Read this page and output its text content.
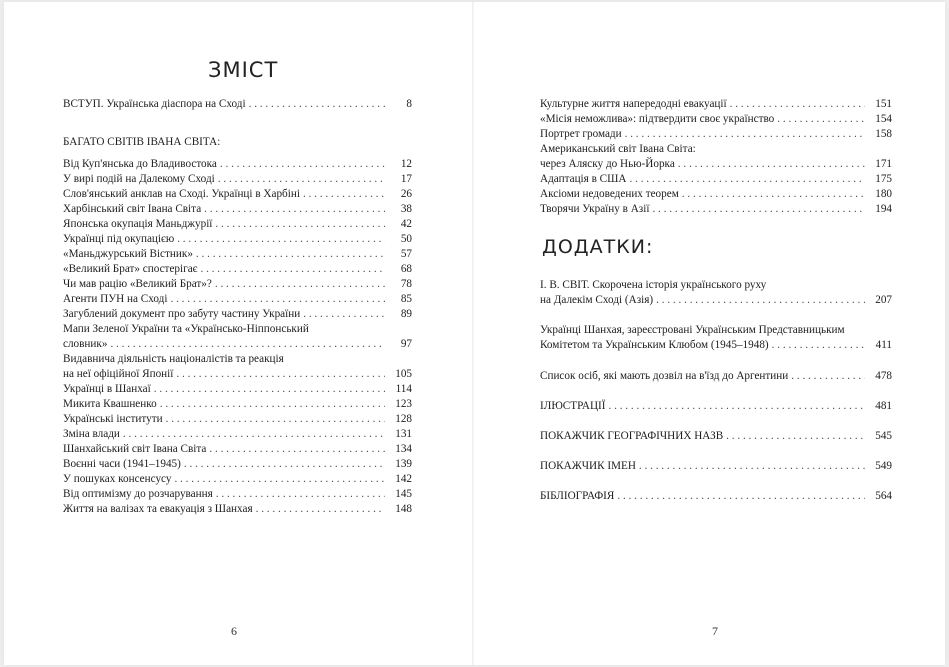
ЗМІСТ
ВСТУП. Українська діаспора на Сході . . .	8
БАГАТО СВІТІВ ІВАНА СВІТА:
Від Куп'янська до Владивостока . . .	12
У вирі подій на Далекому Сході . . .	17
Слов'янський анклав на Сході. Українці в Харбіні . . .	26
Харбінський світ Івана Світа . . .	38
Японська окупація Маньджурії . . .	42
Українці під окупацією . . .	50
«Маньджурський Вістник» . . .	57
«Великий Брат» спостерігає . . .	68
Чи мав рацію «Великий Брат»? . . .	78
Агенти ПУН на Сході . . .	85
Загублений документ про забуту частину України . . .	89
Мапи Зеленої України та «Українсько-Ніппонський
словник» . . .	97
Видавнича діяльність націоналістів та реакція
на неї офіційної Японії . . .	105
Українці в Шанхаї . . .	114
Микита Квашненко . . .	123
Українські інститути . . .	128
Зміна влади . . .	131
Шанхайський світ Івана Світа . . .	134
Воєнні часи (1941–1945) . . .	139
У пошуках консенсусу . . .	142
Від оптимізму до розчарування . . .	145
Життя на валізах та евакуація з Шанхая . . .	148
6
Культурне життя напередодні евакуації . . .	151
«Місія неможлива»: підтвердити своє українство . . .	154
Портрет громади . . .	158
Американський світ Івана Світа:
через Аляску до Нью-Йорка . . .	171
Адаптація в США . . .	175
Аксіоми недоведених теорем . . .	180
Творячи Україну в Азії . . .	194
ДОДАТКИ:
І. В. СВІТ. Скорочена історія українського руху
на Далекім Сході (Азія) . . .	207
Українці Шанхая, зареєстровані Українським Представницьким
Комітетом та Українським Клюбом (1945–1948) . . .	411
Список осіб, які мають дозвіл на в'їзд до Аргентини . . .	478
ІЛЮСТРАЦІЇ . . .	481
ПОКАЖЧИК ГЕОГРАФІЧНИХ НАЗВ . . .	545
ПОКАЖЧИК ІМЕН . . .	549
БІБЛІОГРАФІЯ . . .	564
7
